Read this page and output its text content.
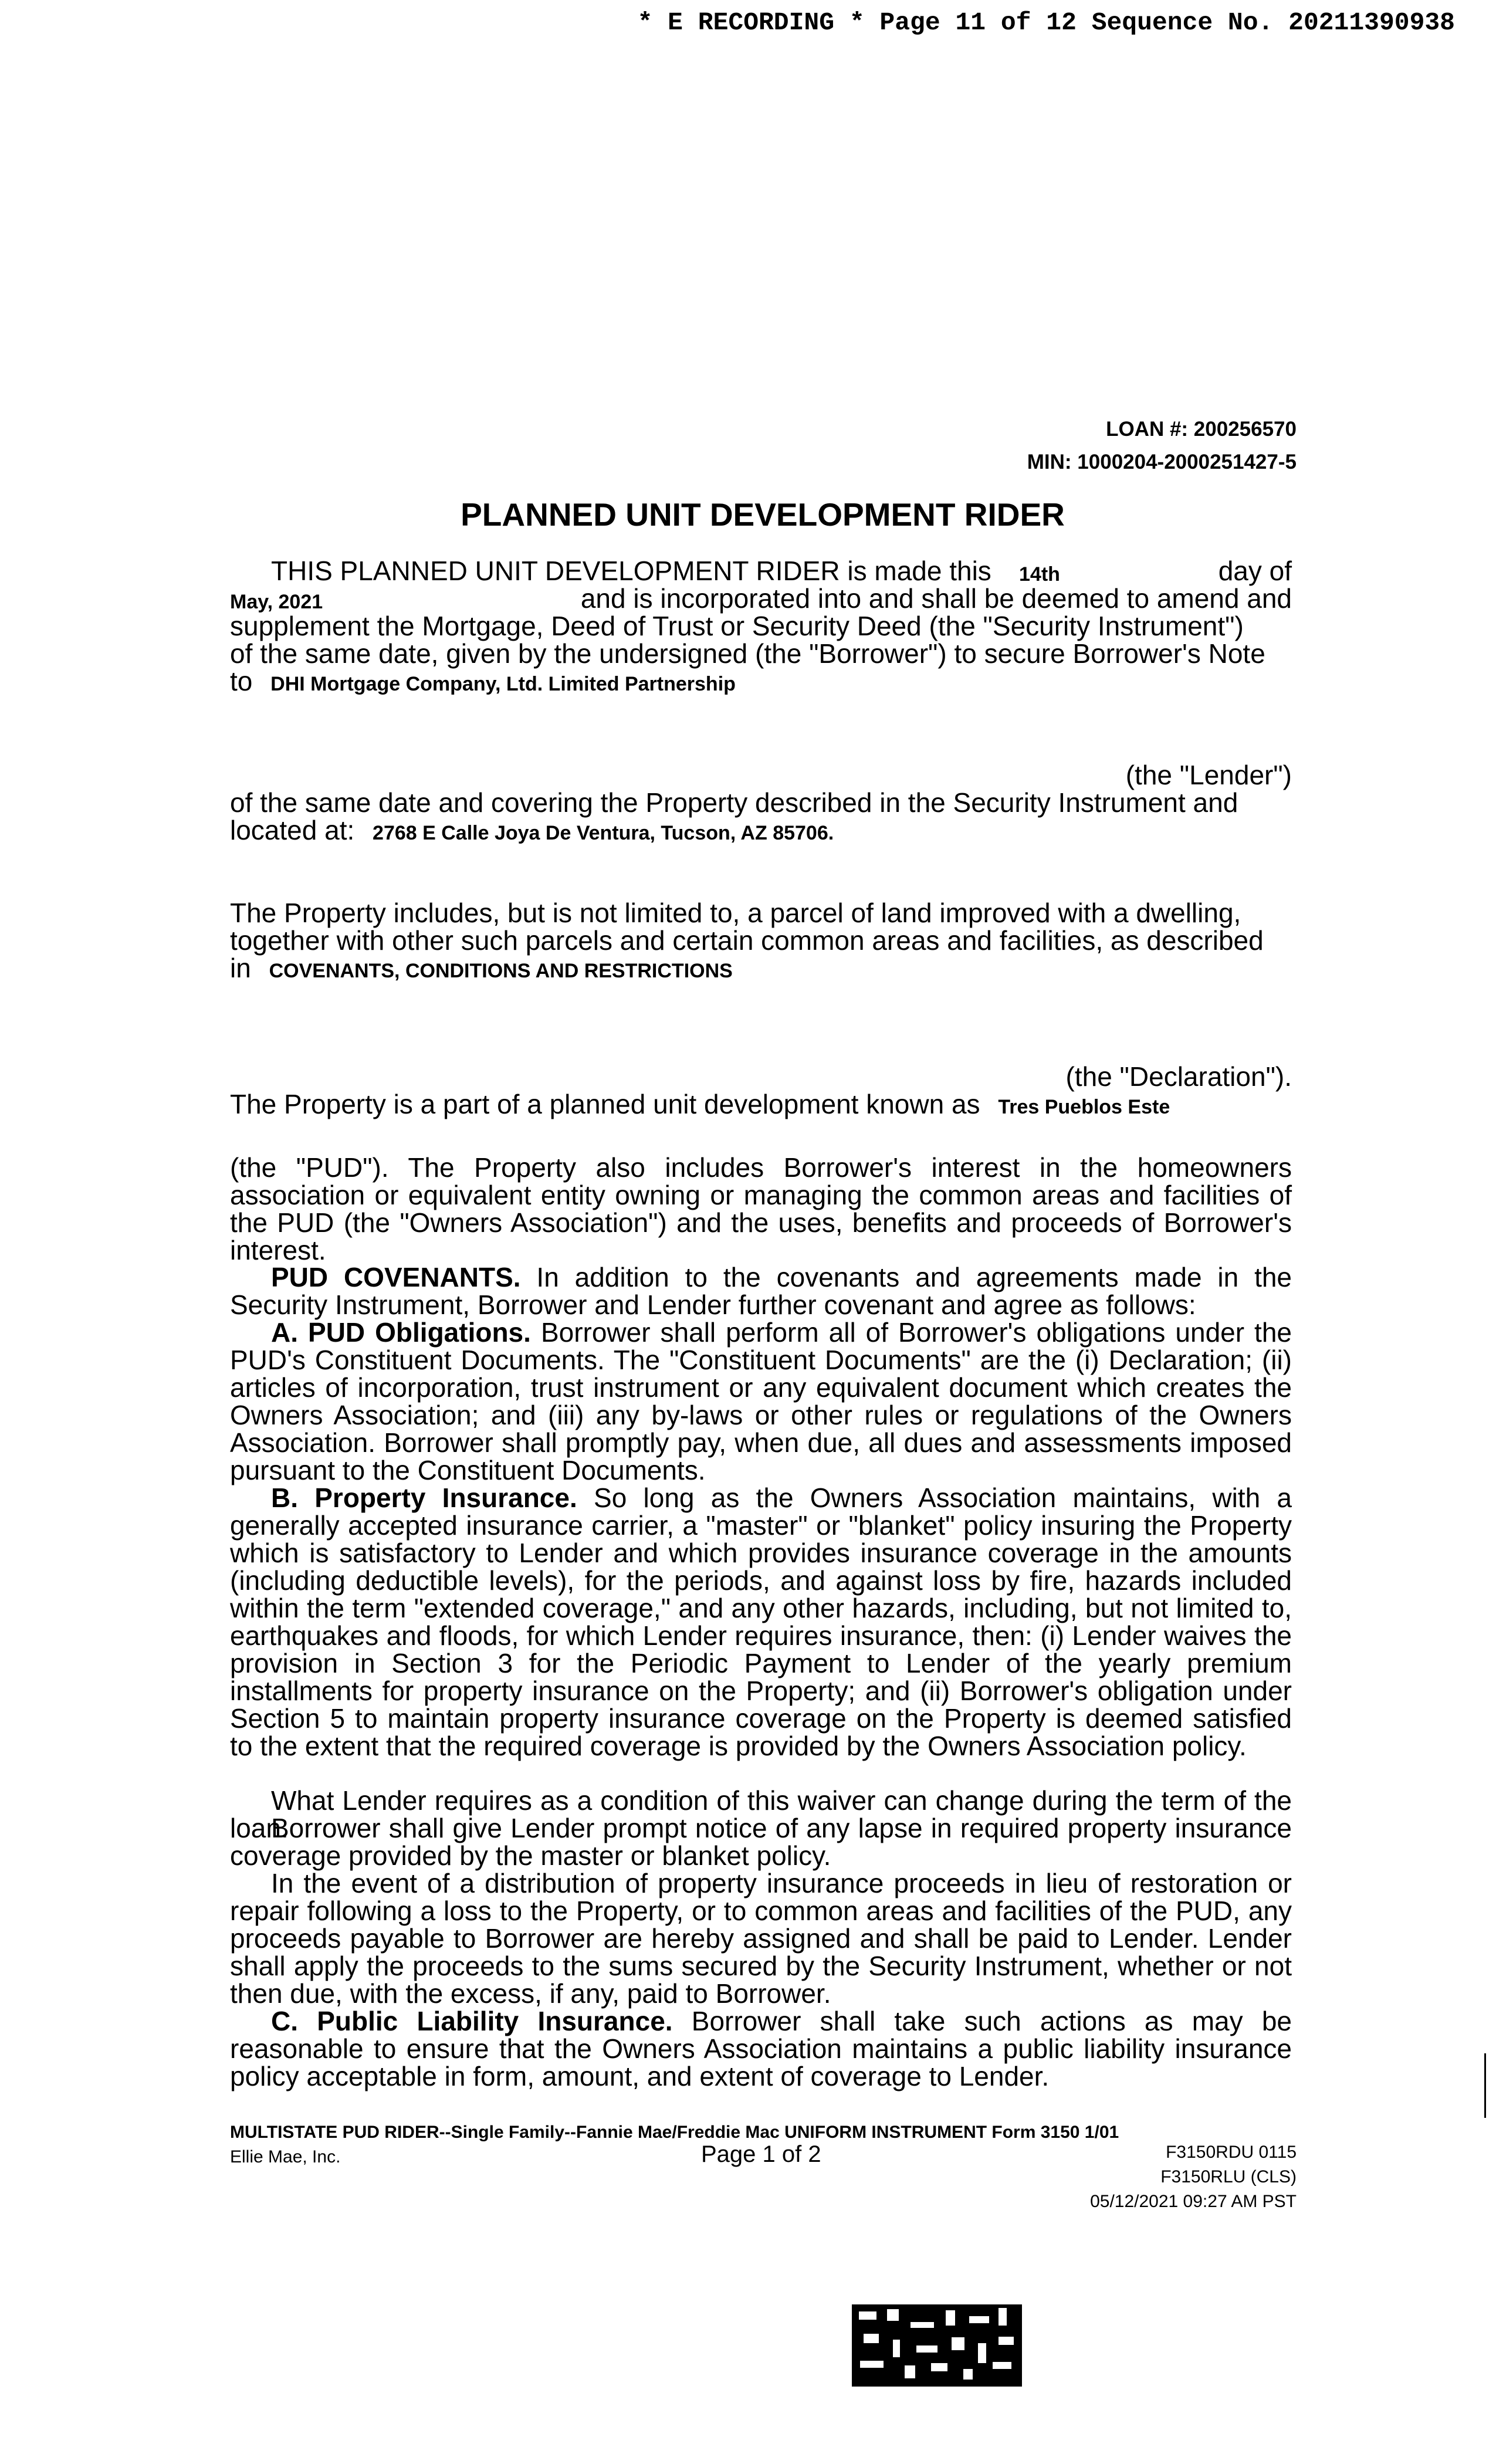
* E RECORDING * Page 11 of 12 Sequence No. 20211390938
LOAN #: 200256570
MIN: 1000204-2000251427-5
PLANNED UNIT DEVELOPMENT RIDER
THIS PLANNED UNIT DEVELOPMENT RIDER is made this 14th	day of
May, 2021	and is incorporated into and shall be deemed to amend and
supplement the Mortgage, Deed of Trust or Security Deed (the "Security Instrument")
of the same date, given by the undersigned (the "Borrower") to secure Borrower's Note
to DHI Mortgage Company, Ltd. Limited Partnership
(the "Lender")
of the same date and covering the Property described in the Security Instrument and
located at: 2768 E Calle Joya De Ventura, Tucson, AZ 85706.
The Property includes, but is not limited to, a parcel of land improved with a dwelling,
together with other such parcels and certain common areas and facilities, as described
in COVENANTS, CONDITIONS AND RESTRICTIONS
(the "Declaration").
The Property is a part of a planned unit development known as Tres Pueblos Este
(the "PUD"). The Property also includes Borrower's interest in the homeowners association or equivalent entity owning or managing the common areas and facilities of the PUD (the "Owners Association") and the uses, benefits and proceeds of Borrower's interest.
PUD COVENANTS. In addition to the covenants and agreements made in the Security Instrument, Borrower and Lender further covenant and agree as follows:
A. PUD Obligations. Borrower shall perform all of Borrower's obligations under the PUD's Constituent Documents. The "Constituent Documents" are the (i) Declaration; (ii) articles of incorporation, trust instrument or any equivalent document which creates the Owners Association; and (iii) any by-laws or other rules or regulations of the Owners Association. Borrower shall promptly pay, when due, all dues and assessments imposed pursuant to the Constituent Documents.
B. Property Insurance. So long as the Owners Association maintains, with a generally accepted insurance carrier, a "master" or "blanket" policy insuring the Property which is satisfactory to Lender and which provides insurance coverage in the amounts (including deductible levels), for the periods, and against loss by fire, hazards included within the term "extended coverage," and any other hazards, including, but not limited to, earthquakes and floods, for which Lender requires insurance, then: (i) Lender waives the provision in Section 3 for the Periodic Payment to Lender of the yearly premium installments for property insurance on the Property; and (ii) Borrower's obligation under Section 5 to maintain property insurance coverage on the Property is deemed satisfied to the extent that the required coverage is provided by the Owners Association policy.
What Lender requires as a condition of this waiver can change during the term of the loan.
Borrower shall give Lender prompt notice of any lapse in required property insurance coverage provided by the master or blanket policy.
In the event of a distribution of property insurance proceeds in lieu of restoration or repair following a loss to the Property, or to common areas and facilities of the PUD, any proceeds payable to Borrower are hereby assigned and shall be paid to Lender. Lender shall apply the proceeds to the sums secured by the Security Instrument, whether or not then due, with the excess, if any, paid to Borrower.
C. Public Liability Insurance. Borrower shall take such actions as may be reasonable to ensure that the Owners Association maintains a public liability insurance policy acceptable in form, amount, and extent of coverage to Lender.
MULTISTATE PUD RIDER--Single Family--Fannie Mae/Freddie Mac UNIFORM INSTRUMENT Form 3150 1/01
Ellie Mae, Inc.	Page 1 of 2	F3150RDU 0115
F3150RLU (CLS)
05/12/2021 09:27 AM PST
